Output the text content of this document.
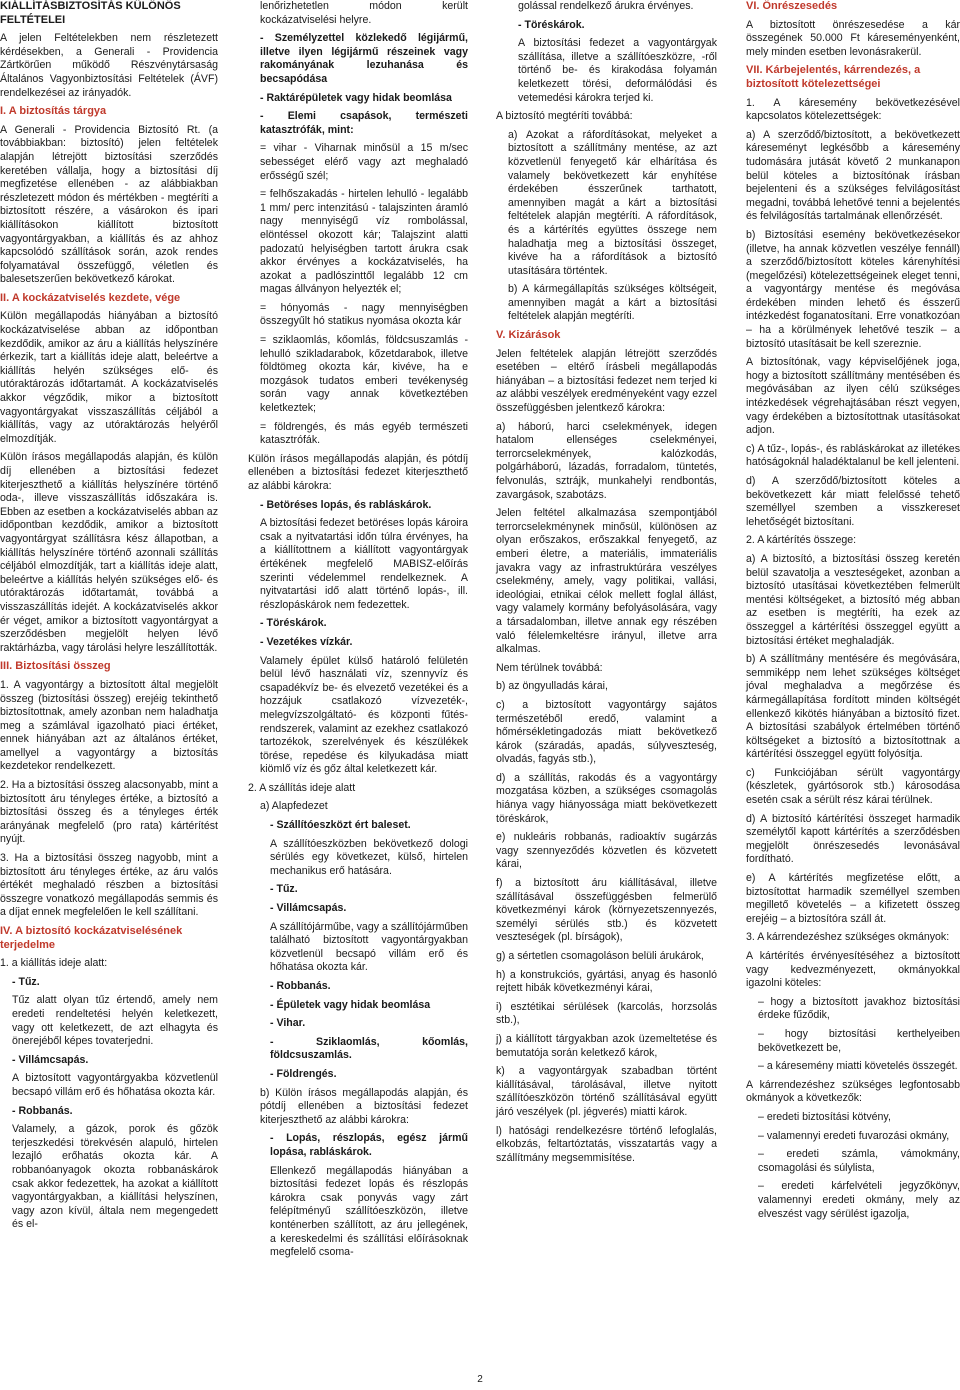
KIÁLLÍTÁSBIZTOSÍTÁS KÜLÖNÖS FELTÉTELEI

A jelen Feltételekben nem részletezett kérdésekben, a Generali - Providencia Zártkörűen működő Részvénytársaság Általános Vagyonbiztosítási Feltételek (ÁVF) rendelkezései az irányadók.

I. A biztosítás tárgya

A Generali - Providencia Biztosító Rt. (a továbbiakban: biztosító) jelen feltételek alapján létrejött biztosítási szerződés keretében vállalja, hogy a biztosítási díj megfizetése ellenében - az alábbiakban részletezett módon és mértékben - megtéríti a biztosított részére, a vásárokon és ipari kiállításokon kiállított biztosított vagyontárgyakban, a kiállítás és az ahhoz kapcsolódó szállítások során, azok rendes folyamatával összefüggő, véletlen és balesetszerűen bekövetkező károkat.

II. A kockázatviselés kezdete, vége

Külön megállapodás hiányában a biztosító kockázatviselése abban az időpontban kezdődik, amikor az áru a kiállítás helyszínére érkezik, tart a kiállítás ideje alatt, beleértve a kiállítás helyén szükséges elő- és utóraktározás időtartamát. A kockázatviselés akkor végződik, mikor a biztosított vagyontárgyakat visszaszállítás céljából a kiállítás, vagy az utóraktározás helyéről elmozdítják.

Külön írásos megállapodás alapján, és külön díj ellenében a biztosítási fedezet kiterjeszthető a kiállítás helyszínére történő oda-, illeve visszaszállítás időszakára is. Ebben az esetben a kockázatviselés abban az időpontban kezdődik, amikor a biztosított vagyontárgyat szállításra kész állapotban, a kiállítás helyszínére történő azonnali szállítás céljából elmozdítják, tart a kiállítás ideje alatt, beleértve a kiállítás helyén szükséges elő- és utóraktározás időtartamát, továbbá a visszaszállítás idejét. A kockázatviselés akkor ér véget, amikor a biztosított vagyontárgyat a szerződésben megjelölt helyen lévő raktárházba, vagy tárolási helyre leszállították.

III. Biztosítási összeg

1. A vagyontárgy a biztosított által megjelölt összeg (biztosítási összeg) erejéig tekinthető biztosítottnak, amely azonban nem haladhatja meg a számlával igazolható piaci értéket, ennek hiányában azt az általános értéket, amellyel a vagyontárgy a biztosítás kezdetekor rendelkezett.

2. Ha a biztosítási összeg alacsonyabb, mint a biztosított áru tényleges értéke, a biztosító a biztosítási összeg és a tényleges érték arányának megfelelő (pro rata) kártérítést nyújt.

3. Ha a biztosítási összeg nagyobb, mint a biztosított áru tényleges értéke, az áru valós értékét meghaladó részben a biztosítási összegre vonatkozó megállapodás semmis és a díjat ennek megfelelően le kell szállítani.

IV. A biztosító kockázatviselésének terjedelme

1. a kiállítás ideje alatt:

- Tűz.

Tűz alatt olyan tűz értendő, amely nem eredeti rendeltetési helyén keletkezett, vagy ott keletkezett, de azt elhagyta és önerejéből képes tovaterjedni.

- Villámcsapás.

A biztosított vagyontárgyakba közvetlenül becsapó villám erő és hőhatása okozta kár.

- Robbanás.

Valamely, a gázok, porok és gőzök terjeszkedési törekvésén alapuló, hirtelen lezajló erőhatás okozta kár. A robbanóanyagok okozta robbanáskárok csak akkor fedezettek, ha azokat a kiállított vagyontárgyakban, a kiállítási helyszínen, vagy azon kívül, általa nem megengedett és el-

lenőrizhetetlen módon került kockázatviselési helyre.

- Személyzettel közlekedő légijármű, illetve ilyen légijármű részeinek vagy rakományának lezuhanása és becsapódása

- Raktárépületek vagy hidak beomlása

- Elemi csapások, természeti katasztrófák, mint:

= vihar - Viharnak minősül a 15 m/sec sebességet elérő vagy azt meghaladó erősségű szél;

= felhőszakadás - hirtelen lehulló - legalább 1 mm/ perc intenzitású - talajszinten áramló nagy mennyiségű víz rombolással, elöntéssel okozott kár; Talajszint alatti padozatú helyiségben tartott árukra csak akkor érvényes a kockázatviselés, ha azokat a padlószinttől legalább 12 cm magas állványon helyezték el;

= hónyomás - nagy mennyiségben összegyűlt hó statikus nyomása okozta kár

= sziklaomlás, kőomlás, földcsuszamlás - lehulló szikladarabok, kőzetdarabok, illetve földtömeg okozta kár, kivéve, ha e mozgások tudatos emberi tevékenység során vagy annak következtében keletkeztek;

= földrengés, és más egyéb természeti katasztrófák.

Külön írásos megállapodás alapján, és pótdíj ellenében a biztosítási fedezet kiterjeszthető az alábbi károkra:

- Betöréses lopás, és rabláskárok.

A biztosítási fedezet betöréses lopás károira csak a nyitvatartási időn túlra érvényes, ha a kiállítottnem a kiállított vagyontárgyak értékének megfelelő MABISZ-előírás szerinti védelemmel rendelkeznek. A nyitvatartási idő alatt történő lopás-, ill. részlopáskárok nem fedezettek.

- Töréskárok.

- Vezetékes vízkár.

Valamely épület külső határoló felületén belül lévő használati víz, szennyvíz és csapadékvíz be- és elvezető vezetékei és a hozzájuk csatlakozó vízvezeték-, melegvízszolgáltató- és központi fűtés-rendszerek, valamint az ezekhez csatlakozó tartozékok, szerelvények és készülékek törése, repedése és kilyukadása miatt kiömlő víz és gőz által keletkezett kár.

2. A szállítás ideje alatt

a) Alapfedezet

- Szállítóeszközt ért baleset.

A szállítóeszközben bekövetkező dologi sérülés egy következet, külső, hirtelen mechanikus erő hatására.

- Tűz.

- Villámcsapás.

A szállítójárműbe, vagy a szállítójárműben található biztosított vagyontárgyakban közvetlenül becsapó villám erő és hőhatása okozta kár.

- Robbanás.

- Épületek vagy hidak beomlása

- Vihar.

- Sziklaomlás, kőomlás, földcsuszamlás.

- Földrengés.

b) Külön írásos megállapodás alapján, és pótdíj ellenében a biztosítási fedezet kiterjeszthető az alábbi károkra:

- Lopás, részlopás, egész jármű lopása, rabláskárok.

Ellenkező megállapodás hiányában a biztosítási fedezet lopás és részlopás károkra csak ponyvás vagy zárt felépítményű szállítóeszközön, illetve konténerben szállított, az áru jellegének, a kereskedelmi és szállítási előírásoknak megfelelő csoma-

golással rendelkező árukra érvényes.

- Töréskárok.

A biztosítási fedezet a vagyontárgyak szállítása, illetve a szállítóeszközre, -ről történő be- és kirakodása folyamán keletkezett törési, deformálódási és vetemedési károkra terjed ki.

A biztosító megtéríti továbbá:

a) Azokat a ráfordításokat, melyeket a biztosított a szállítmány mentése, az azt közvetlenül fenyegető kár elhárítása és valamely bekövetkezett kár enyhítése érdekében ésszerűnek tarthatott, amennyiben magát a kárt a biztosítási feltételek alapján megtéríti. A ráfordítások, és a kártérítés együttes összege nem haladhatja meg a biztosítási összeget, kivéve ha a ráfordítások a biztosító utasítására történtek.

b) A kármegállapítás szükséges költségeit, amennyiben magát a kárt a biztosítási feltételek alapján megtéríti.

V. Kizárások

Jelen feltételek alapján létrejött szerződés esetében – eltérő írásbeli megállapodás hiányában – a biztosítási fedezet nem terjed ki az alábbi veszélyek eredményeként vagy ezzel összefüggésben jelentkező károkra:

a) háború, harci cselekmények, idegen hatalom ellenséges cselekményei, terrorcselekmények, kalózkodás, polgárháború, lázadás, forradalom, tüntetés, felvonulás, sztrájk, munkahelyi rendbontás, zavargások, szabotázs.

Jelen feltétel alkalmazása szempontjából terrorcselekménynek minősül, különösen az olyan erőszakos, erőszakkal fenyegető, az emberi életre, a materiális, immateriális javakra vagy az infrastruktúrára veszélyes cselekmény, amely, vagy politikai, vallási, ideológiai, etnikai célok mellett foglal állást, vagy valamely kormány befolyásolására, vagy a társadalomban, illetve annak egy részében való félelemkeltésre irányul, illetve arra alkalmas.

Nem térülnek továbbá:

b) az öngyulladás kárai,

c) a biztosított vagyontárgy sajátos természetéből eredő, valamint a hőmérsékletingadozás miatt bekövetkező károk (száradás, apadás, súlyveszteség, olvadás, fagyás stb.),

d) a szállítás, rakodás és a vagyontárgy mozgatása közben, a szükséges csomagolás hiánya vagy hiányossága miatt bekövetkezett töréskárok,

e) nukleáris robbanás, radioaktív sugárzás vagy szennyeződés közvetlen és közvetett kárai,

f) a biztosított áru kiállításával, illetve szállításával összefüggésben felmerülő következményi károk (környezetszennyezés, személyi sérülés stb.) és közvetett veszteségek (pl. bírságok),

g) a sértetlen csomagoláson belüli árukárok,

h) a konstrukciós, gyártási, anyag és hasonló rejtett hibák következményi kárai,

i) esztétikai sérülések (karcolás, horzsolás stb.),

j) a kiállított tárgyakban azok üzemeltetése és bemutatója során keletkező károk,

k) a vagyontárgyak szabadban történt kiállításával, tárolásával, illetve nyitott szállítóeszközön történő szállításával együtt járó veszélyek (pl. jégverés) miatti károk.

l) hatósági rendelkezésre történő lefoglalás, elkobzás, feltartóztatás, visszatartás vagy a szállítmány megsemmisítése.

VI. Önrészesedés

A biztosított önrészesedése a kár összegének 50.000 Ft káreseményenként, mely minden esetben levonásrakerül.

VII. Kárbejelentés, kárrendezés, a biztosított kötelezettségei

1. A káresemény bekövetkezésével kapcsolatos kötelezettségek:

a) A szerződő/biztosított, a bekövetkezett káreseményt legkésőbb a káresemény tudomására jutását követő 2 munkanapon belül köteles a biztosítónak írásban bejelenteni és a szükséges felvilágosítást megadni, továbbá lehetővé tenni a bejelentés és felvilágosítás tartalmának ellenőrzését.

b) Biztosítási esemény bekövetkezésekor (illetve, ha annak közvetlen veszélye fennáll) a szerződő/biztosított köteles kárenyhítési (megelőzési) kötelezettségeinek eleget tenni, a vagyontárgy mentése és megóvása érdekében minden lehető és ésszerű intézkedést foganatosítani. Erre vonatkozóan – ha a körülmények lehetővé teszik – a biztosító utasításait be kell szereznie.

A biztosítónak, vagy képviselőjének joga, hogy a biztosított szállítmány mentésében és megóvásában az ilyen célú szükséges intézkedések végrehajtásában részt vegyen, vagy érdekében a biztosítottnak utasításokat adjon.

c) A tűz-, lopás-, és rabláskárokat az illetékes hatóságoknál haladéktalanul be kell jelenteni.

d) A szerződő/biztosított köteles a bekövetkezett kár miatt felelőssé tehető személlyel szemben a visszkereset lehetőségét biztosítani.

2. A kártérítés összege:

a) A biztosító, a biztosítási összeg keretén belül szavatolja a veszteségeket, azonban a biztosító utasításai következtében felmerült mentési költségeket, a biztosító még abban az esetben is megtéríti, ha ezek az összeggel a kártérítési összeggel együtt a biztosítási értéket meghaladják.

b) A szállítmány mentésére és megóvására, semmiképp nem lehet szükséges költséget jóval meghaladva a megőrzése és kármegállapítása fordított minden költségét ellenkező kikötés hiányában a biztosító fizet. A biztosítási szabályok értelmében történő költségeket a biztosító a biztosítottnak a kártérítési összeggel együtt folyósítja.

c) Funkciójában sérült vagyontárgy (készletek, gyártósorok stb.) károsodása esetén csak a sérült rész kárai térülnek.

d) A biztosító kártérítési összeget harmadik személytől kapott kártérítés a szerződésben megjelölt önrészesedés levonásával fordítható.

e) A kártérítés megfizetése előtt, a biztosítottat harmadik személlyel szemben megillető követelés – a kifizetett összeg erejéig – a biztosítóra száll át.

3. A kárrendezéshez szükséges okmányok:

A kártérítés érvényesítéséhez a biztosított vagy kedvezményezett, okmányokkal igazolni köteles:

– hogy a biztosított javakhoz biztosítási érdeke fűződik,

– hogy biztosítási kerthelyeiben bekövetkezett be,

– a káresemény miatti követelés összegét.

A kárrendezéshez szükséges legfontosabb okmányok a következők:

– eredeti biztosítási kötvény,

– valamennyi eredeti fuvarozási okmány,

– eredeti számla, vámokmány, csomagolási és súlylista,

– eredeti kárfelvételi jegyzőkönyv, valamennyi eredeti okmány, mely az elveszést vagy sérülést igazolja,

2
